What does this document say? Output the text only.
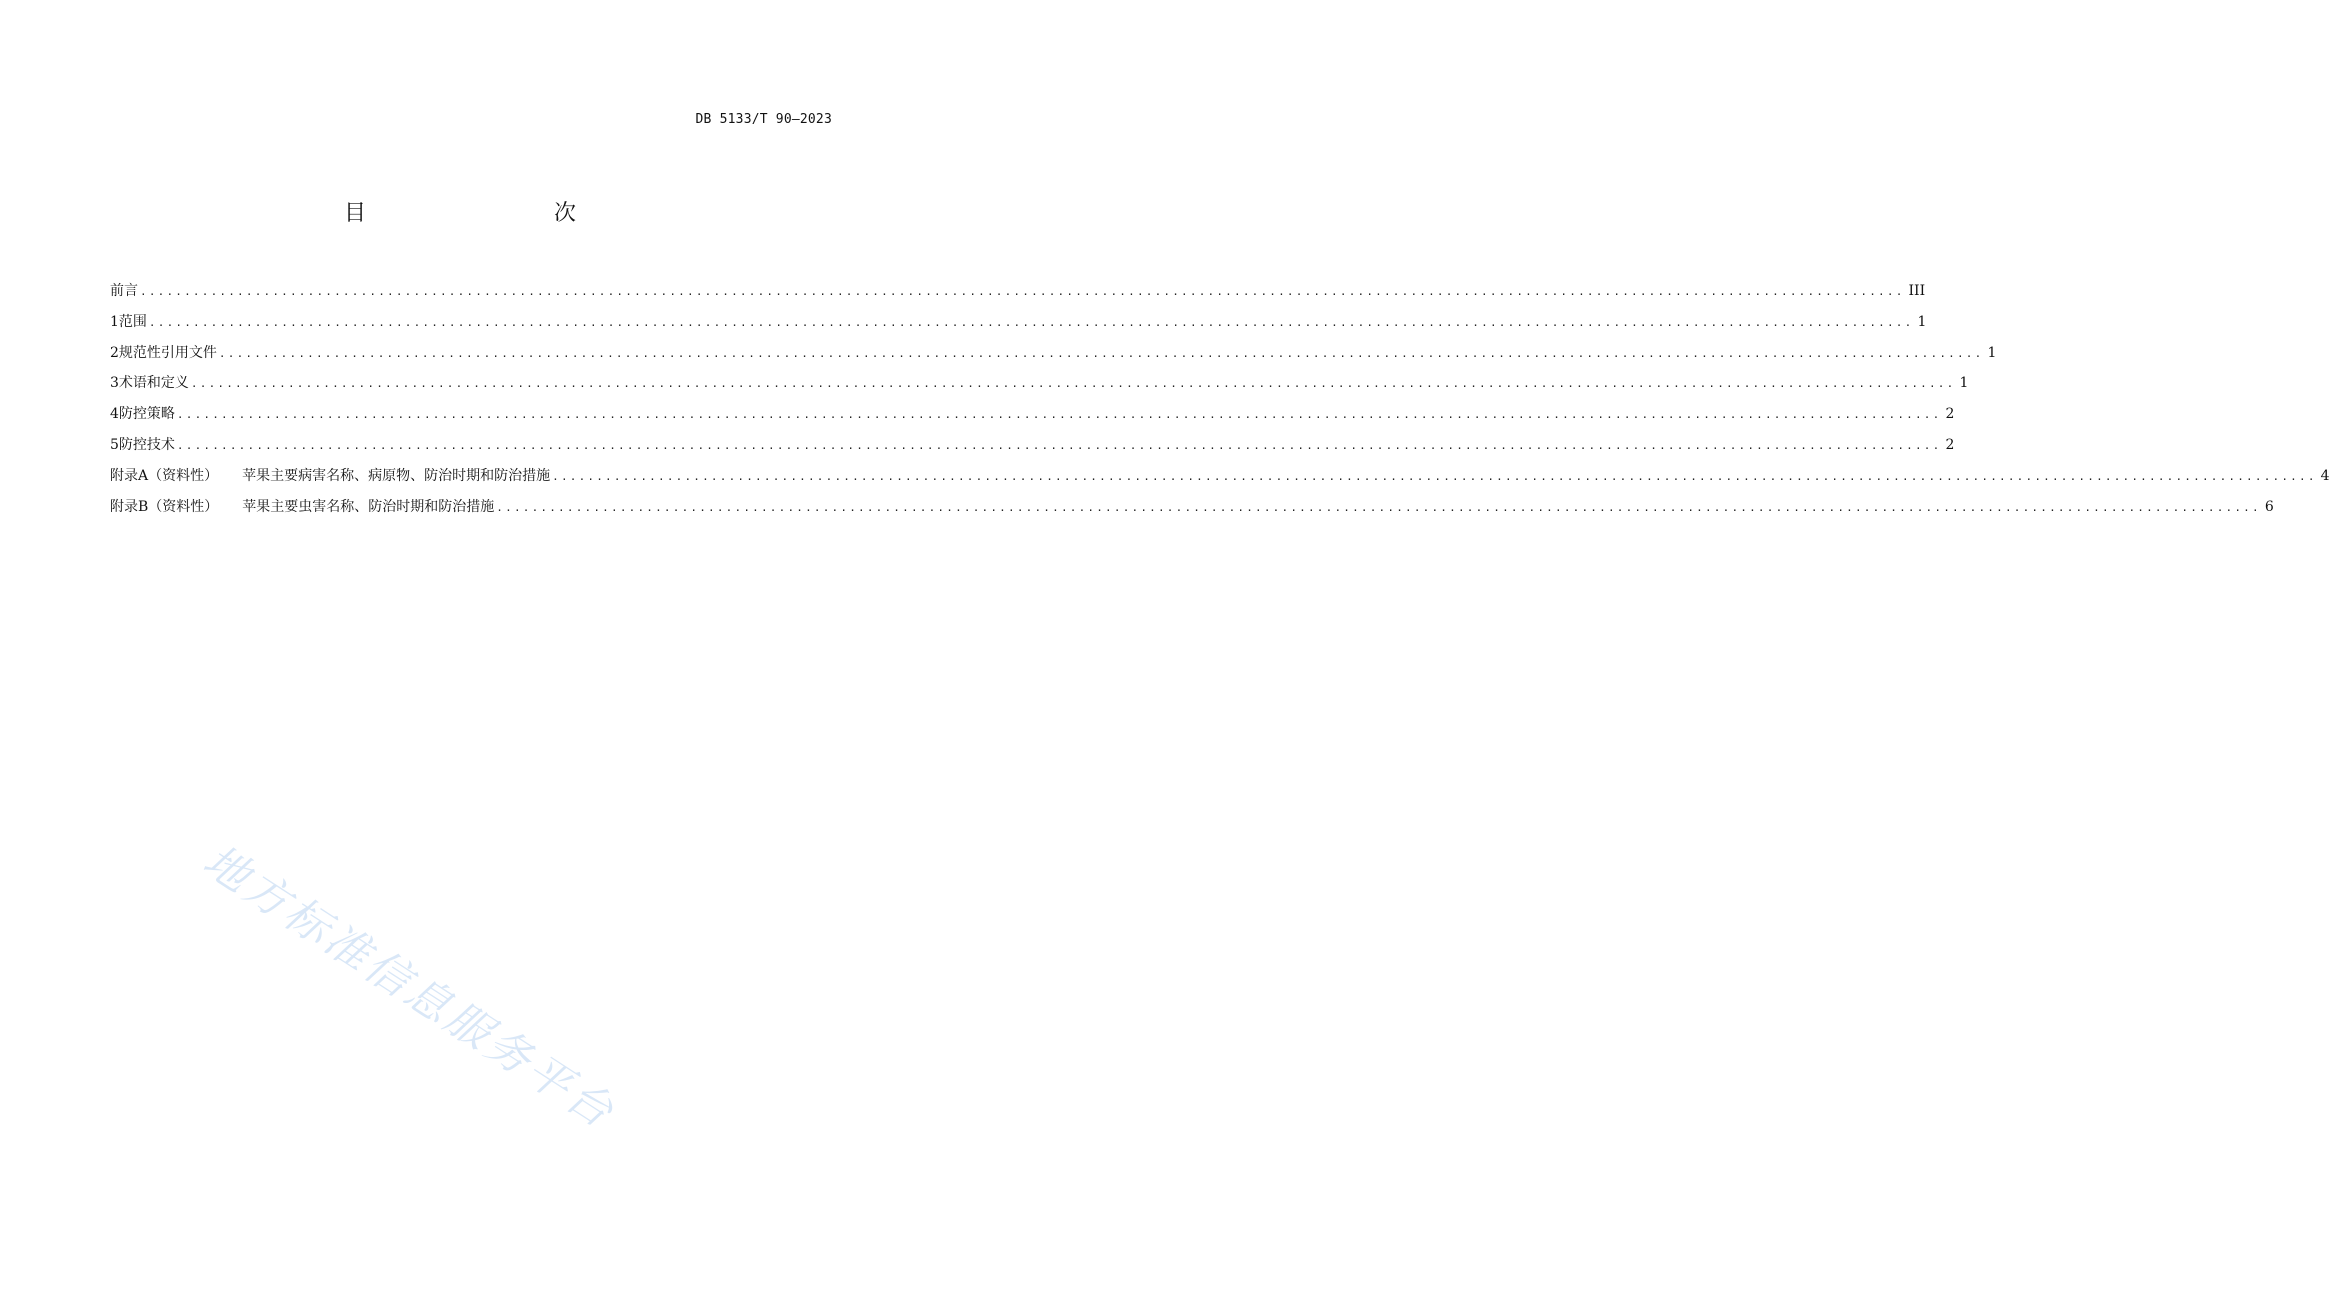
DB 5133/T 90—2023
目　　次
前言 ........................................................................................................................................................................................................ III
1 范围 ........................................................................................................................................................................................................ 1
2 规范性引用文件 ........................................................................................................................................................................................................ 1
3 术语和定义 ........................................................................................................................................................................................................ 1
4 防控策略 ........................................................................................................................................................................................................ 2
5 防控技术 ........................................................................................................................................................................................................ 2
附录A（资料性） 苹果主要病害名称、病原物、防治时期和防治措施 ........................................................................................................................................................................................................ 4
附录B（资料性） 苹果主要虫害名称、防治时期和防治措施 ........................................................................................................................................................................................................ 6
地方标准信息服务平台
